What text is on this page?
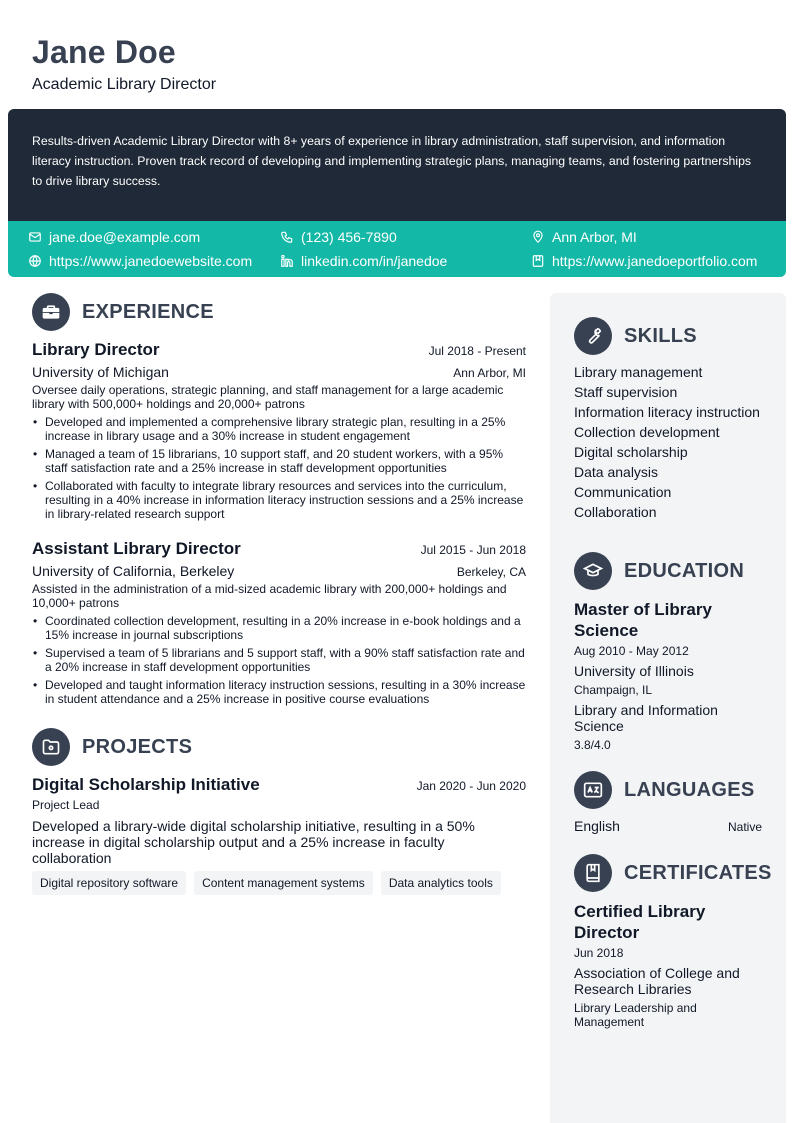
Jane Doe
Academic Library Director

Results-driven Academic Library Director with 8+ years of experience in library administration, staff supervision, and information literacy instruction. Proven track record of developing and implementing strategic plans, managing teams, and fostering partnerships to drive library success.

jane.doe@example.com	(123) 456-7890	Ann Arbor, MI
https://www.janedoewebsite.com	linkedin.com/in/janedoe	https://www.janedoeportfolio.com
EXPERIENCE
Library Director	Jul 2018 - Present
University of Michigan	Ann Arbor, MI
Oversee daily operations, strategic planning, and staff management for a large academic library with 500,000+ holdings and 20,000+ patrons
• Developed and implemented a comprehensive library strategic plan, resulting in a 25% increase in library usage and a 30% increase in student engagement
• Managed a team of 15 librarians, 10 support staff, and 20 student workers, with a 95% staff satisfaction rate and a 25% increase in staff development opportunities
• Collaborated with faculty to integrate library resources and services into the curriculum, resulting in a 40% increase in information literacy instruction sessions and a 25% increase in library-related research support
Assistant Library Director	Jul 2015 - Jun 2018
University of California, Berkeley	Berkeley, CA
Assisted in the administration of a mid-sized academic library with 200,000+ holdings and 10,000+ patrons
• Coordinated collection development, resulting in a 20% increase in e-book holdings and a 15% increase in journal subscriptions
• Supervised a team of 5 librarians and 5 support staff, with a 90% staff satisfaction rate and a 20% increase in staff development opportunities
• Developed and taught information literacy instruction sessions, resulting in a 30% increase in student attendance and a 25% increase in positive course evaluations
PROJECTS
Digital Scholarship Initiative	Jan 2020 - Jun 2020
Project Lead
Developed a library-wide digital scholarship initiative, resulting in a 50% increase in digital scholarship output and a 25% increase in faculty collaboration
Digital repository software	Content management systems	Data analytics tools
SKILLS
Library management
Staff supervision
Information literacy instruction
Collection development
Digital scholarship
Data analysis
Communication
Collaboration
EDUCATION
Master of Library Science
Aug 2010 - May 2012
University of Illinois
Champaign, IL
Library and Information Science
3.8/4.0
LANGUAGES
English	Native
CERTIFICATES
Certified Library Director
Jun 2018
Association of College and Research Libraries
Library Leadership and Management
